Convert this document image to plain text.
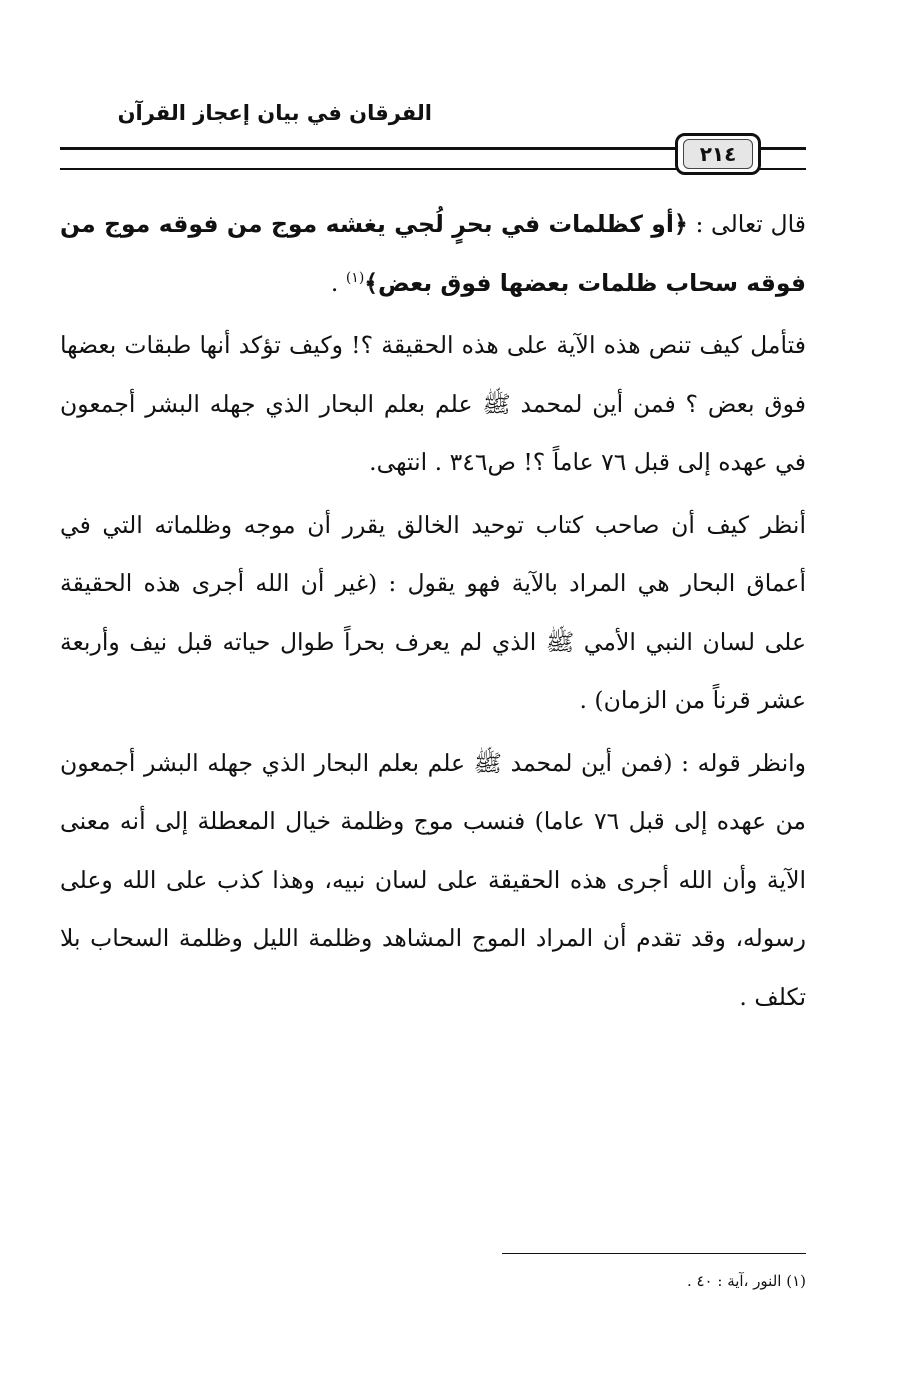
الفرقان في بيان إعجاز القرآن
٢١٤

قال تعالى : ﴿أو كظلمات في بحرٍ لُجي يغشه موج من فوقه موج من فوقه سحاب ظلمات بعضها فوق بعض﴾$^{(١)}$ .

فتأمل كيف تنص هذه الآية على هذه الحقيقة ؟! وكيف تؤكد أنها طبقات بعضها فوق بعض ؟ فمن أين لمحمد ﷺ علم بعلم البحار الذي جهله البشر أجمعون في عهده إلى قبل ٧٦ عاماً ؟! ص٣٤٦ . انتهى.

أنظر كيف أن صاحب كتاب توحيد الخالق يقرر أن موجه وظلماته التي في أعماق البحار هي المراد بالآية فهو يقول : (غير أن الله أجرى هذه الحقيقة على لسان النبي الأمي ﷺ الذي لم يعرف بحراً طوال حياته قبل نيف وأربعة عشر قرناً من الزمان) .

وانظر قوله : (فمن أين لمحمد ﷺ علم بعلم البحار الذي جهله البشر أجمعون من عهده إلى قبل ٧٦ عاما) فنسب موج وظلمة خيال المعطلة إلى أنه معنى الآية وأن الله أجرى هذه الحقيقة على لسان نبيه، وهذا كذب على الله وعلى رسوله، وقد تقدم أن المراد الموج المشاهد وظلمة الليل وظلمة السحاب بلا تكلف .

(١) النور ،آية : ٤٠ .
